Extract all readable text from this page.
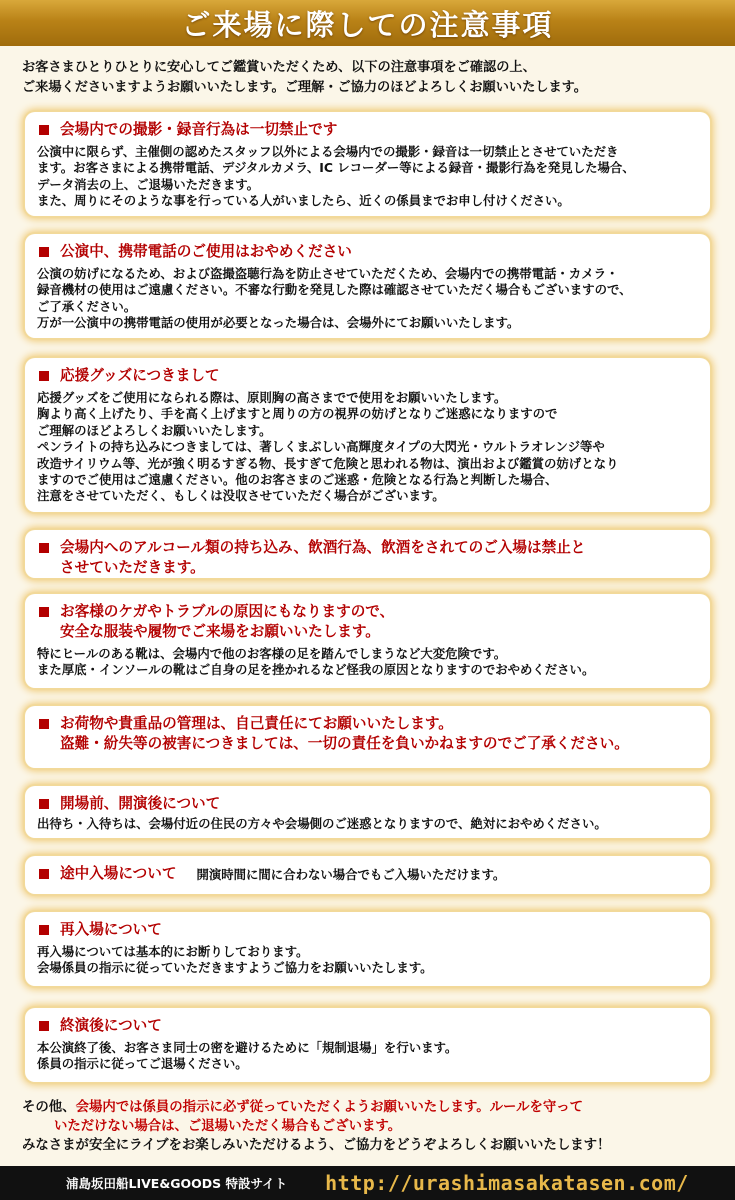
ご来場に際しての注意事項
お客さまひとりひとりに安心してご鑑賞いただくため、以下の注意事項をご確認の上、
ご来場くださいますようお願いいたします。ご理解・ご協力のほどよろしくお願いいたします。
会場内での撮影・録音行為は一切禁止です
公演中に限らず、主催側の認めたスタッフ以外による会場内での撮影・録音は一切禁止とさせていただき
ます。お客さまによる携帯電話、デジタルカメラ、IC レコーダー等による録音・撮影行為を発見した場合、
データ消去の上、ご退場いただきます。
また、周りにそのような事を行っている人がいましたら、近くの係員までお申し付けください。
公演中、携帯電話のご使用はおやめください
公演の妨げになるため、および盗撮盗聴行為を防止させていただくため、会場内での携帯電話・カメラ・
録音機材の使用はご遠慮ください。不審な行動を発見した際は確認させていただく場合もございますので、
ご了承ください。
万が一公演中の携帯電話の使用が必要となった場合は、会場外にてお願いいたします。
応援グッズにつきまして
応援グッズをご使用になられる際は、原則胸の高さまでで使用をお願いいたします。
胸より高く上げたり、手を高く上げますと周りの方の視界の妨げとなりご迷惑になりますので
ご理解のほどよろしくお願いいたします。
ペンライトの持ち込みにつきましては、著しくまぶしい高輝度タイプの大閃光・ウルトラオレンジ等や
改造サイリウム等、光が強く明るすぎる物、長すぎて危険と思われる物は、演出および鑑賞の妨げとなり
ますのでご使用はご遠慮ください。他のお客さまのご迷惑・危険となる行為と判断した場合、
注意をさせていただく、もしくは没収させていただく場合がございます。
会場内へのアルコール類の持ち込み、飲酒行為、飲酒をされてのご入場は禁止と
させていただきます。
お客様のケガやトラブルの原因にもなりますので、
安全な服装や履物でご来場をお願いいたします。
特にヒールのある靴は、会場内で他のお客様の足を踏んでしまうなど大変危険です。
また厚底・インソールの靴はご自身の足を挫かれるなど怪我の原因となりますのでおやめください。
お荷物や貴重品の管理は、自己責任にてお願いいたします。
盗難・紛失等の被害につきましては、一切の責任を負いかねますのでご了承ください。
開場前、開演後について
出待ち・入待ちは、会場付近の住民の方々や会場側のご迷惑となりますので、絶対におやめください。
途中入場について 開演時間に間に合わない場合でもご入場いただけます。
再入場について
再入場については基本的にお断りしております。
会場係員の指示に従っていただきますようご協力をお願いいたします。
終演後について
本公演終了後、お客さま同士の密を避けるために「規制退場」を行います。
係員の指示に従ってご退場ください。
その他、会場内では係員の指示に必ず従っていただくようお願いいたします。ルールを守って
いただけない場合は、ご退場いただく場合もございます。
みなさまが安全にライブをお楽しみいただけるよう、ご協力をどうぞよろしくお願いいたします！
浦島坂田船LIVE&GOODS 特設サイト http://urashimasakatasen.com/
